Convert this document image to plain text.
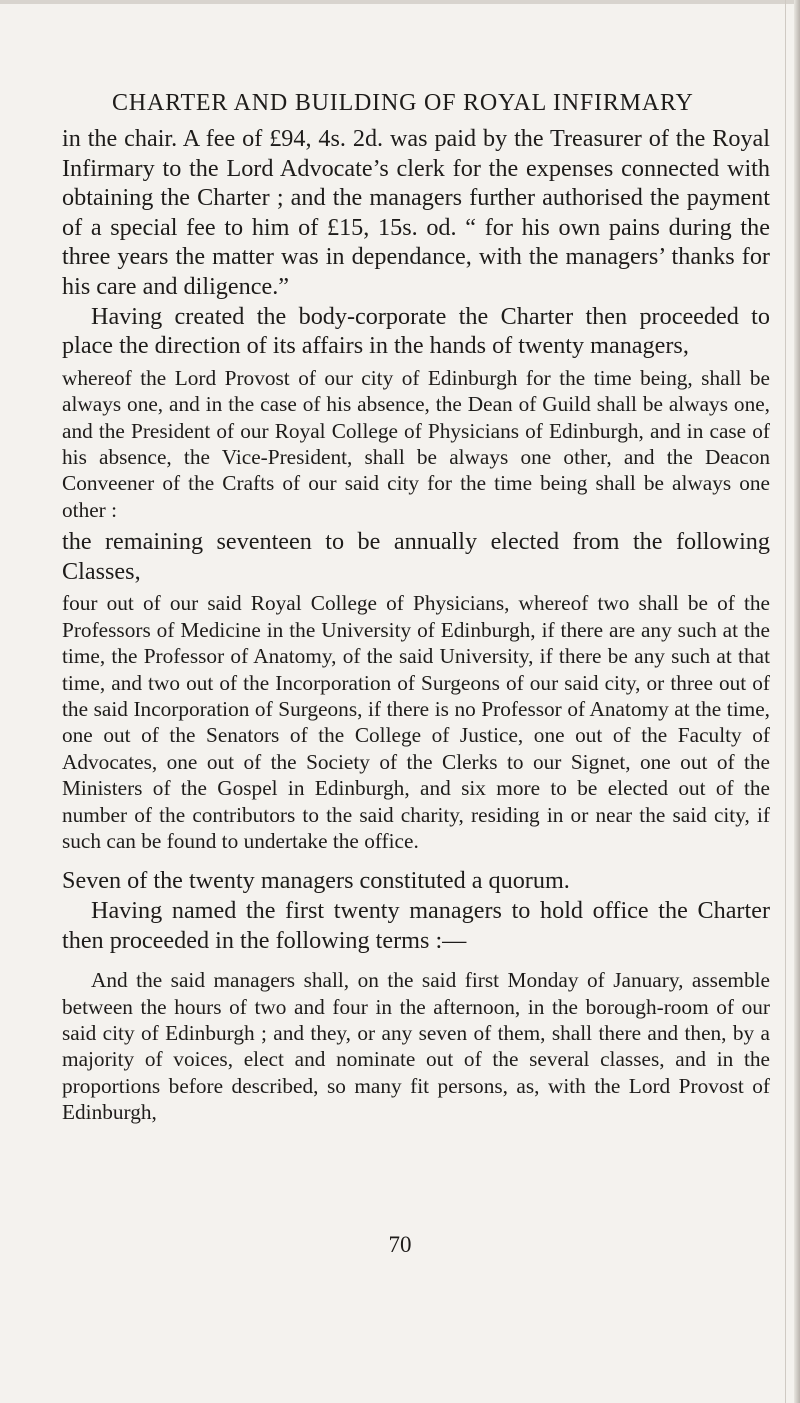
CHARTER AND BUILDING OF ROYAL INFIRMARY

in the chair. A fee of £94, 4s. 2d. was paid by the Treasurer of the Royal Infirmary to the Lord Advocate’s clerk for the expenses connected with obtaining the Charter ; and the managers further authorised the payment of a special fee to him of £15, 15s. od. “ for his own pains during the three years the matter was in dependance, with the managers’ thanks for his care and diligence.”

Having created the body-corporate the Charter then proceeded to place the direction of its affairs in the hands of twenty managers,

whereof the Lord Provost of our city of Edinburgh for the time being, shall be always one, and in the case of his absence, the Dean of Guild shall be always one, and the President of our Royal College of Physicians of Edinburgh, and in case of his absence, the Vice-President, shall be always one other, and the Deacon Conveener of the Crafts of our said city for the time being shall be always one other :

the remaining seventeen to be annually elected from the following Classes,

four out of our said Royal College of Physicians, whereof two shall be of the Professors of Medicine in the University of Edinburgh, if there are any such at the time, the Professor of Anatomy, of the said University, if there be any such at that time, and two out of the Incorporation of Surgeons of our said city, or three out of the said Incorporation of Surgeons, if there is no Professor of Anatomy at the time, one out of the Senators of the College of Justice, one out of the Faculty of Advocates, one out of the Society of the Clerks to our Signet, one out of the Ministers of the Gospel in Edinburgh, and six more to be elected out of the number of the contributors to the said charity, residing in or near the said city, if such can be found to undertake the office.

Seven of the twenty managers constituted a quorum.

Having named the first twenty managers to hold office the Charter then proceeded in the following terms :—

And the said managers shall, on the said first Monday of January, assemble between the hours of two and four in the afternoon, in the borough-room of our said city of Edinburgh ; and they, or any seven of them, shall there and then, by a majority of voices, elect and nominate out of the several classes, and in the proportions before described, so many fit persons, as, with the Lord Provost of Edinburgh,

70
